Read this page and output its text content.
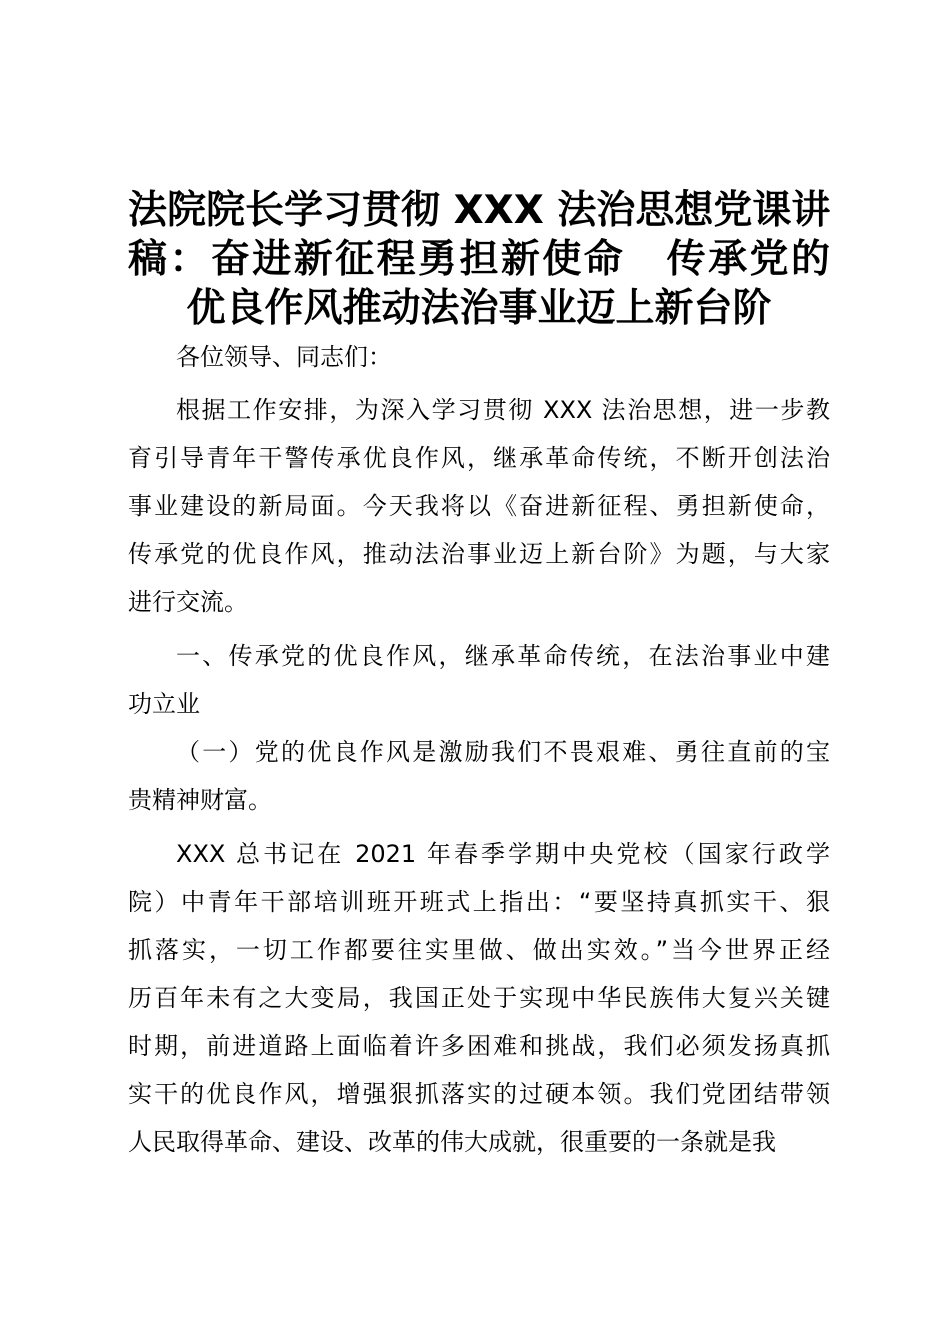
法院院长学习贯彻 XXX 法治思想党课讲
稿：奋进新征程勇担新使命　传承党的
优良作风推动法治事业迈上新台阶
各位领导、同志们：
根据工作安排，为深入学习贯彻 XXX 法治思想，进一步教
育引导青年干警传承优良作风，继承革命传统，不断开创法治
事业建设的新局面。今天我将以《奋进新征程、勇担新使命，
传承党的优良作风，推动法治事业迈上新台阶》为题，与大家
进行交流。
一、传承党的优良作风，继承革命传统，在法治事业中建
功立业
（一）党的优良作风是激励我们不畏艰难、勇往直前的宝
贵精神财富。
XXX 总书记在 2021 年春季学期中央党校（国家行政学
院）中青年干部培训班开班式上指出：“要坚持真抓实干、狠
抓落实，一切工作都要往实里做、做出实效。”当今世界正经
历百年未有之大变局，我国正处于实现中华民族伟大复兴关键
时期，前进道路上面临着许多困难和挑战，我们必须发扬真抓
实干的优良作风，增强狠抓落实的过硬本领。我们党团结带领
人民取得革命、建设、改革的伟大成就，很重要的一条就是我
